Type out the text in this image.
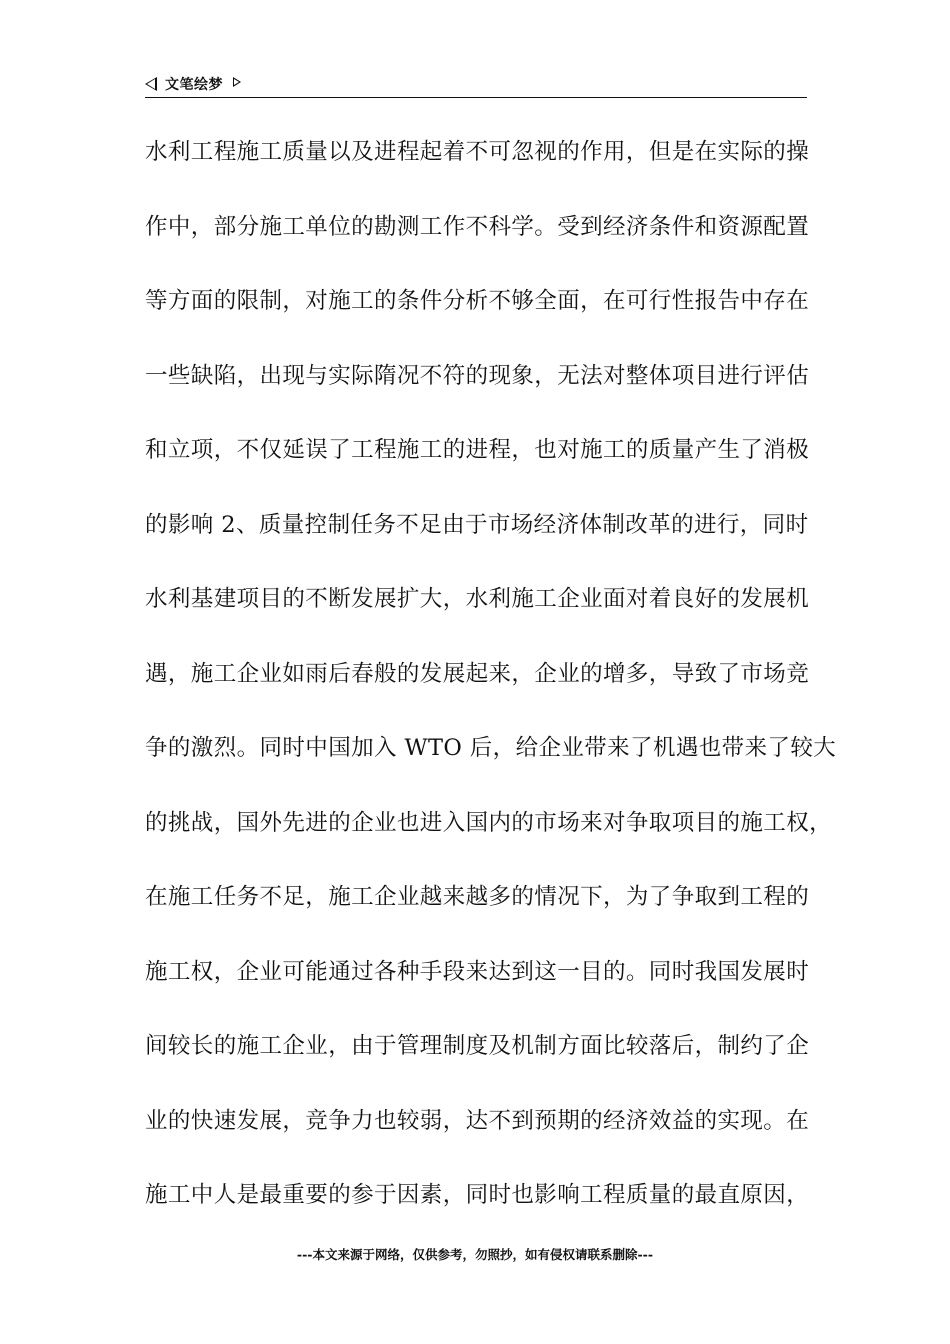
文笔绘梦
水利工程施工质量以及进程起着不可忽视的作用，但是在实际的操
作中，部分施工单位的勘测工作不科学。受到经济条件和资源配置
等方面的限制，对施工的条件分析不够全面，在可行性报告中存在
一些缺陷，出现与实际隋况不符的现象，无法对整体项目进行评估
和立项，不仅延误了工程施工的进程，也对施工的质量产生了消极
的影响 2、质量控制任务不足由于市场经济体制改革的进行，同时
水利基建项目的不断发展扩大，水利施工企业面对着良好的发展机
遇，施工企业如雨后春般的发展起来，企业的增多，导致了市场竞
争的激烈。同时中国加入 WTO 后，给企业带来了机遇也带来了较大
的挑战，国外先进的企业也进入国内的市场来对争取项目的施工权，
在施工任务不足，施工企业越来越多的情况下，为了争取到工程的
施工权，企业可能通过各种手段来达到这一目的。同时我国发展时
间较长的施工企业，由于管理制度及机制方面比较落后，制约了企
业的快速发展，竞争力也较弱，达不到预期的经济效益的实现。在
施工中人是最重要的参于因素，同时也影响工程质量的最直原因，
---本文来源于网络，仅供参考，勿照抄，如有侵权请联系删除---
